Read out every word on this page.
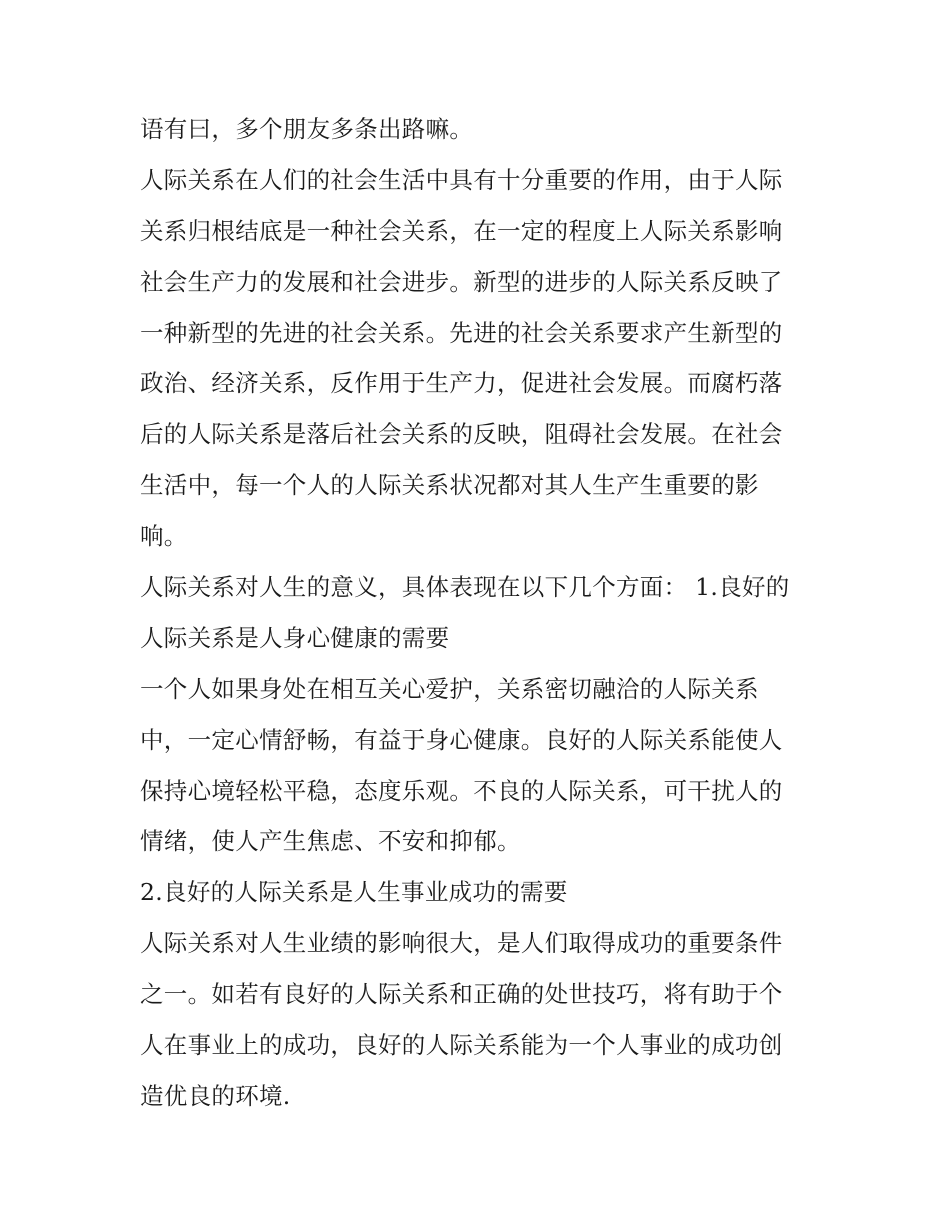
语有曰，多个朋友多条出路嘛。

人际关系在人们的社会生活中具有十分重要的作用，由于人际
关系归根结底是一种社会关系，在一定的程度上人际关系影响
社会生产力的发展和社会进步。新型的进步的人际关系反映了
一种新型的先进的社会关系。先进的社会关系要求产生新型的
政治、经济关系，反作用于生产力，促进社会发展。而腐朽落
后的人际关系是落后社会关系的反映，阻碍社会发展。在社会
生活中，每一个人的人际关系状况都对其人生产生重要的影
响。

人际关系对人生的意义，具体表现在以下几个方面： 1.良好的
人际关系是人身心健康的需要

一个人如果身处在相互关心爱护，关系密切融洽的人际关系
中，一定心情舒畅，有益于身心健康。良好的人际关系能使人
保持心境轻松平稳，态度乐观。不良的人际关系，可干扰人的
情绪，使人产生焦虑、不安和抑郁。

2.良好的人际关系是人生事业成功的需要

人际关系对人生业绩的影响很大，是人们取得成功的重要条件
之一。如若有良好的人际关系和正确的处世技巧，将有助于个
人在事业上的成功，良好的人际关系能为一个人事业的成功创
造优良的环境.
